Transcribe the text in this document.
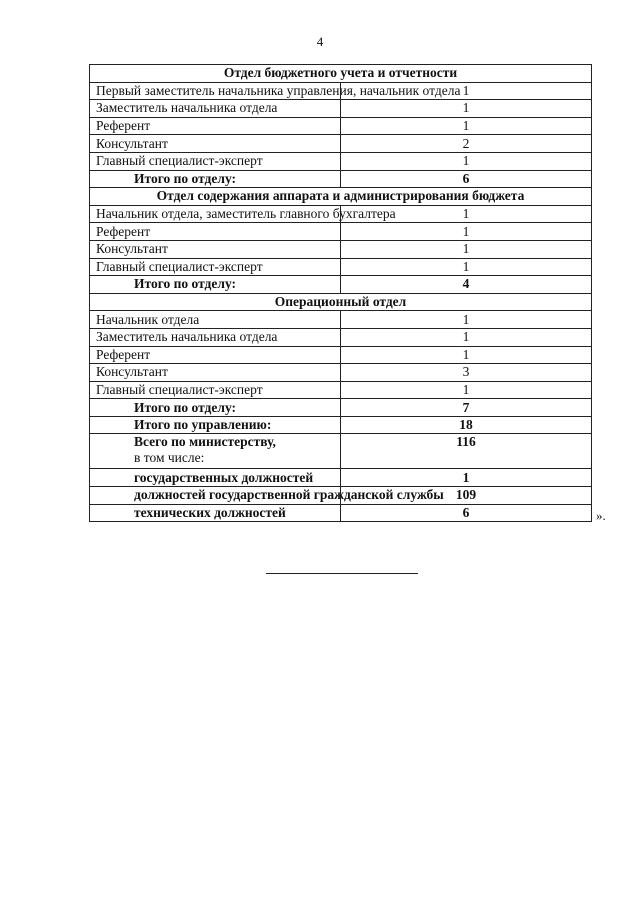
4
Отдел бюджетного учета и отчетности	
Первый заместитель начальника управления, начальник отдела	1
Заместитель начальника отдела	1
Референт	1
Консультант	2
Главный специалист-эксперт	1
Итого по отделу:	6
Отдел содержания аппарата и администрирования бюджета	
Начальник отдела, заместитель главного бухгалтера	1
Референт	1
Консультант	1
Главный специалист-эксперт	1
Итого по отделу:	4
Операционный отдел	
Начальник отдела	1
Заместитель начальника отдела	1
Референт	1
Консультант	3
Главный специалист-эксперт	1
Итого по отделу:	7
Итого по управлению:	18
Всего по министерству,
в том числе:	116
государственных должностей	1
должностей государственной гражданской службы	109
технических должностей	6	».
